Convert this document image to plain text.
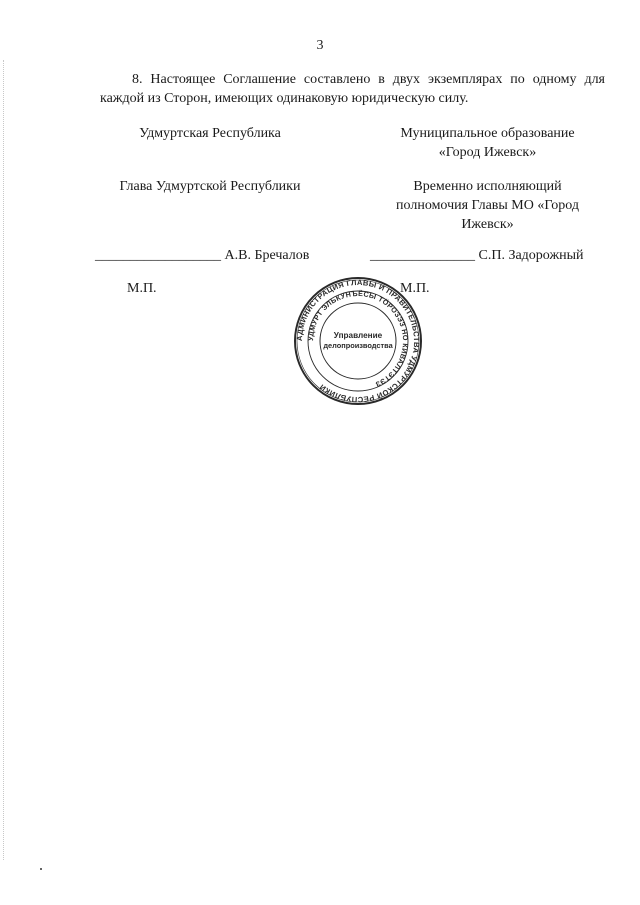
3
8. Настоящее Соглашение составлено в двух экземплярах по одному для
каждой из Сторон, имеющих одинаковую юридическую силу.
Удмуртская Республика	Муниципальное образование
«Город Ижевск»
Глава Удмуртской Республики	Временно исполняющий
полномочия Главы МО «Город
Ижевск»
__________________ А.В. Бречалов	_______________ С.П. Задорожный
М.П.	М.П.
АДМИНИСТРАЦИЯ ГЛАВЫ И ПРАВИТЕЛЬСТВА УДМУРТСКОЙ РЕСПУБЛИКИ
УДМУРТ ЭЛЬКУНЪЁСЫ ТӦРОЗЭЗ НО КИВАЛТЭТЭЗ
Управление
делопроизводства
